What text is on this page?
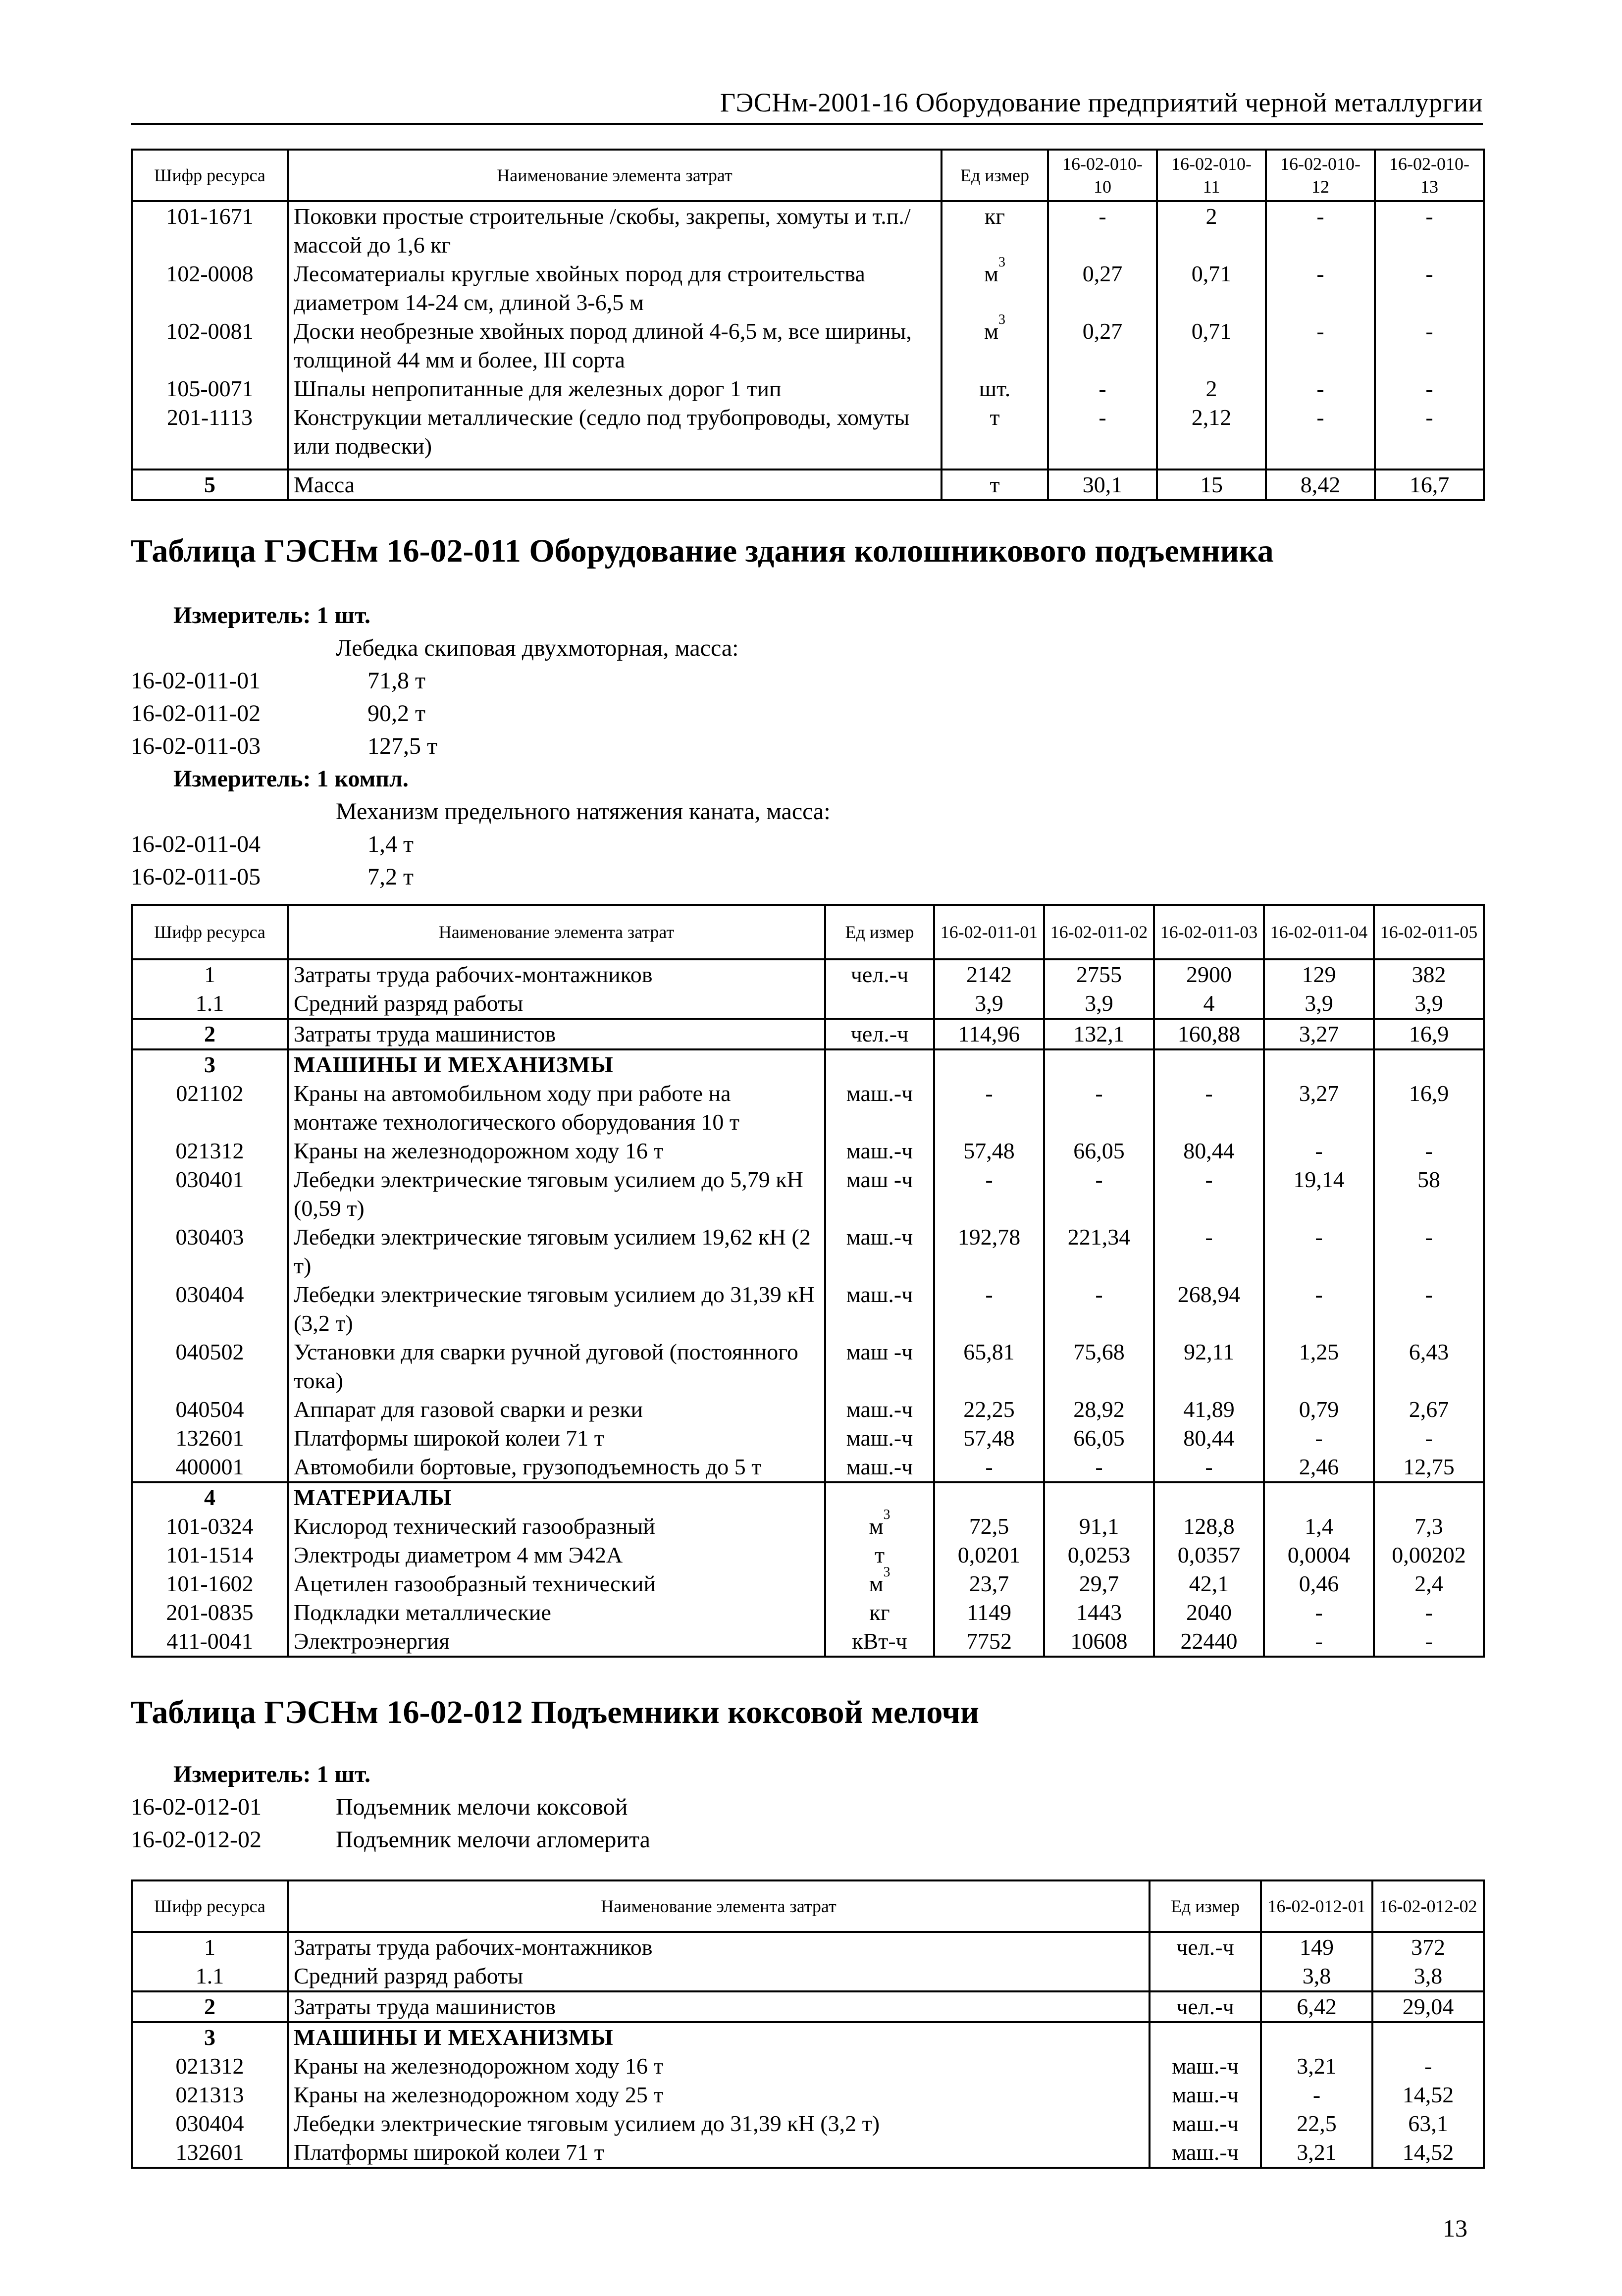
ГЭСНм-2001-16 Оборудование предприятий черной металлургии
Шифр ресурса	Наименование элемента затрат	Ед измер	16-02-010-10	16-02-010-11	16-02-010-12	16-02-010-13
101-1671	Поковки простые строительные /скобы, закрепы, хомуты и т.п./ массой до 1,6 кг	кг	-	2	-	-
102-0008	Лесоматериалы круглые хвойных пород для строительства диаметром 14-24 см, длиной 3-6,5 м	$м^3$	0,27	0,71	-	-
102-0081	Доски необрезные хвойных пород длиной 4-6,5 м, все ширины, толщиной 44 мм и более, III сорта	$м^3$	0,27	0,71	-	-
105-0071	Шпалы непропитанные для железных дорог 1 тип	шт.	-	2	-	-
201-1113	Конструкции металлические (седло под трубопроводы, хомуты или подвески)	т	-	2,12	-	-
5	Масса	т	30,1	15	8,42	16,7
Таблица ГЭСНм 16-02-011 Оборудование здания колошникового подъемника
Измеритель: 1 шт.
Лебедка скиповая двухмоторная, масса:
16-02-011-01	71,8 т
16-02-011-02	90,2 т
16-02-011-03	127,5 т
Измеритель: 1 компл.
Механизм предельного натяжения каната, масса:
16-02-011-04	1,4 т
16-02-011-05	7,2 т
Шифр ресурса	Наименование элемента затрат	Ед измер	16-02-011-01	16-02-011-02	16-02-011-03	16-02-011-04	16-02-011-05
1	Затраты труда рабочих-монтажников	чел.-ч	2142	2755	2900	129	382
1.1	Средний разряд работы		3,9	3,9	4	3,9	3,9
2	Затраты труда машинистов	чел.-ч	114,96	132,1	160,88	3,27	16,9
3	МАШИНЫ И МЕХАНИЗМЫ						
021102	Краны на автомобильном ходу при работе на монтаже технологического оборудования 10 т	маш.-ч	-	-	-	3,27	16,9
021312	Краны на железнодорожном ходу 16 т	маш.-ч	57,48	66,05	80,44	-	-
030401	Лебедки электрические тяговым усилием до 5,79 кН (0,59 т)	маш -ч	-	-	-	19,14	58
030403	Лебедки электрические тяговым усилием 19,62 кН (2 т)	маш.-ч	192,78	221,34	-	-	-
030404	Лебедки электрические тяговым усилием до 31,39 кН (3,2 т)	маш.-ч	-	-	268,94	-	-
040502	Установки для сварки ручной дуговой (постоянного тока)	маш -ч	65,81	75,68	92,11	1,25	6,43
040504	Аппарат для газовой сварки и резки	маш.-ч	22,25	28,92	41,89	0,79	2,67
132601	Платформы широкой колеи 71 т	маш.-ч	57,48	66,05	80,44	-	-
400001	Автомобили бортовые, грузоподъемность до 5 т	маш.-ч	-	-	-	2,46	12,75
4	МАТЕРИАЛЫ						
101-0324	Кислород технический газообразный	$м^3$	72,5	91,1	128,8	1,4	7,3
101-1514	Электроды диаметром 4 мм Э42А	т	0,0201	0,0253	0,0357	0,0004	0,00202
101-1602	Ацетилен газообразный технический	$м^3$	23,7	29,7	42,1	0,46	2,4
201-0835	Подкладки металлические	кг	1149	1443	2040	-	-
411-0041	Электроэнергия	кВт-ч	7752	10608	22440	-	-
Таблица ГЭСНм 16-02-012 Подъемники коксовой мелочи
Измеритель: 1 шт.
16-02-012-01	Подъемник мелочи коксовой
16-02-012-02	Подъемник мелочи агломерита
Шифр ресурса	Наименование элемента затрат	Ед измер	16-02-012-01	16-02-012-02
1	Затраты труда рабочих-монтажников	чел.-ч	149	372
1.1	Средний разряд работы		3,8	3,8
2	Затраты труда машинистов	чел.-ч	6,42	29,04
3	МАШИНЫ И МЕХАНИЗМЫ			
021312	Краны на железнодорожном ходу 16 т	маш.-ч	3,21	-
021313	Краны на железнодорожном ходу 25 т	маш.-ч	-	14,52
030404	Лебедки электрические тяговым усилием до 31,39 кН (3,2 т)	маш.-ч	22,5	63,1
132601	Платформы широкой колеи 71 т	маш.-ч	3,21	14,52
13
